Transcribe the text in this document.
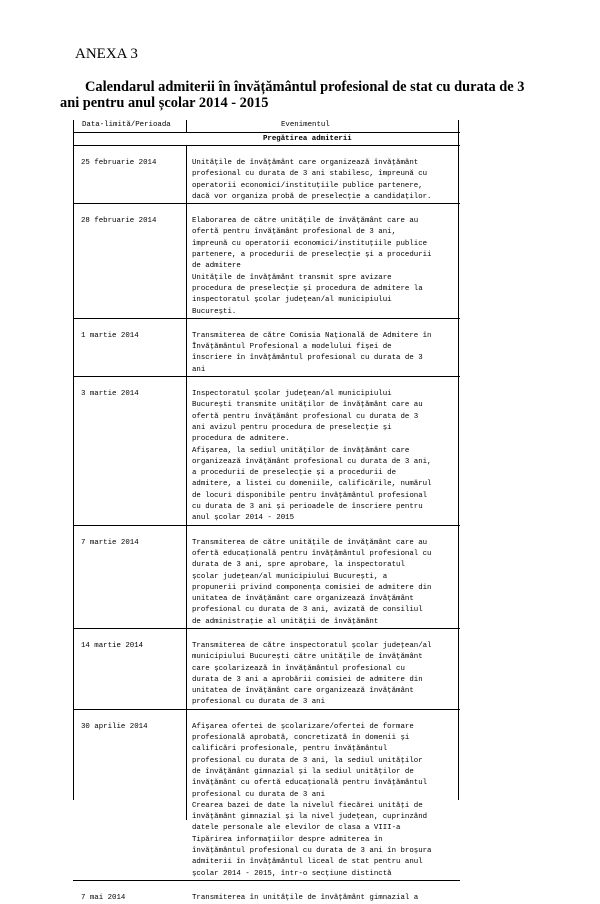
ANEXA 3
Calendarul admiterii în învățământul profesional de stat cu durata de 3
ani pentru anul școlar 2014 - 2015
Data-limită/Perioada	Evenimentul
Pregătirea admiterii
25 februarie 2014	Unitățile de învățământ care organizează învățământ
profesional cu durata de 3 ani stabilesc, împreună cu
operatorii economici/instituțiile publice partenere,
dacă vor organiza probă de preselecție a candidaților.
28 februarie 2014	Elaborarea de către unitățile de învățământ care au
ofertă pentru învățământ profesional de 3 ani,
împreună cu operatorii economici/instituțiile publice
partenere, a procedurii de preselecție și a procedurii
de admitere
Unitățile de învățământ transmit spre avizare
procedura de preselecție și procedura de admitere la
inspectoratul școlar județean/al municipiului
București.
1 martie 2014	Transmiterea de către Comisia Națională de Admitere în
Învățământul Profesional a modelului fișei de
înscriere în învățământul profesional cu durata de 3
ani
3 martie 2014	Inspectoratul școlar județean/al municipiului
București transmite unităților de învățământ care au
ofertă pentru învățământ profesional cu durata de 3
ani avizul pentru procedura de preselecție și
procedura de admitere.
Afișarea, la sediul unităților de învățământ care
organizează învățământ profesional cu durata de 3 ani,
a procedurii de preselecție și a procedurii de
admitere, a listei cu domeniile, calificările, numărul
de locuri disponibile pentru învățământul profesional
cu durata de 3 ani și perioadele de înscriere pentru
anul școlar 2014 - 2015
7 martie 2014	Transmiterea de către unitățile de învățământ care au
ofertă educațională pentru învățământul profesional cu
durata de 3 ani, spre aprobare, la inspectoratul
școlar județean/al municipiului București, a
propunerii privind componența comisiei de admitere din
unitatea de învățământ care organizează învățământ
profesional cu durata de 3 ani, avizată de consiliul
de administrație al unității de învățământ
14 martie 2014	Transmiterea de către inspectoratul școlar județean/al
municipiului București către unitățile de învățământ
care școlarizează în învățământul profesional cu
durata de 3 ani a aprobării comisiei de admitere din
unitatea de învățământ care organizează învățământ
profesional cu durata de 3 ani
30 aprilie 2014	Afișarea ofertei de școlarizare/ofertei de formare
profesională aprobată, concretizată în domenii și
calificări profesionale, pentru învățământul
profesional cu durata de 3 ani, la sediul unităților
de învățământ gimnazial și la sediul unităților de
învățământ cu ofertă educațională pentru învățământul
profesional cu durata de 3 ani
Crearea bazei de date la nivelul fiecărei unități de
învățământ gimnazial și la nivel județean, cuprinzând
datele personale ale elevilor de clasa a VIII-a
Tipărirea informațiilor despre admiterea în
învățământul profesional cu durata de 3 ani în broșura
admiterii în învățământul liceal de stat pentru anul
școlar 2014 - 2015, într-o secțiune distinctă
7 mai 2014	Transmiterea în unitățile de învățământ gimnazial a
